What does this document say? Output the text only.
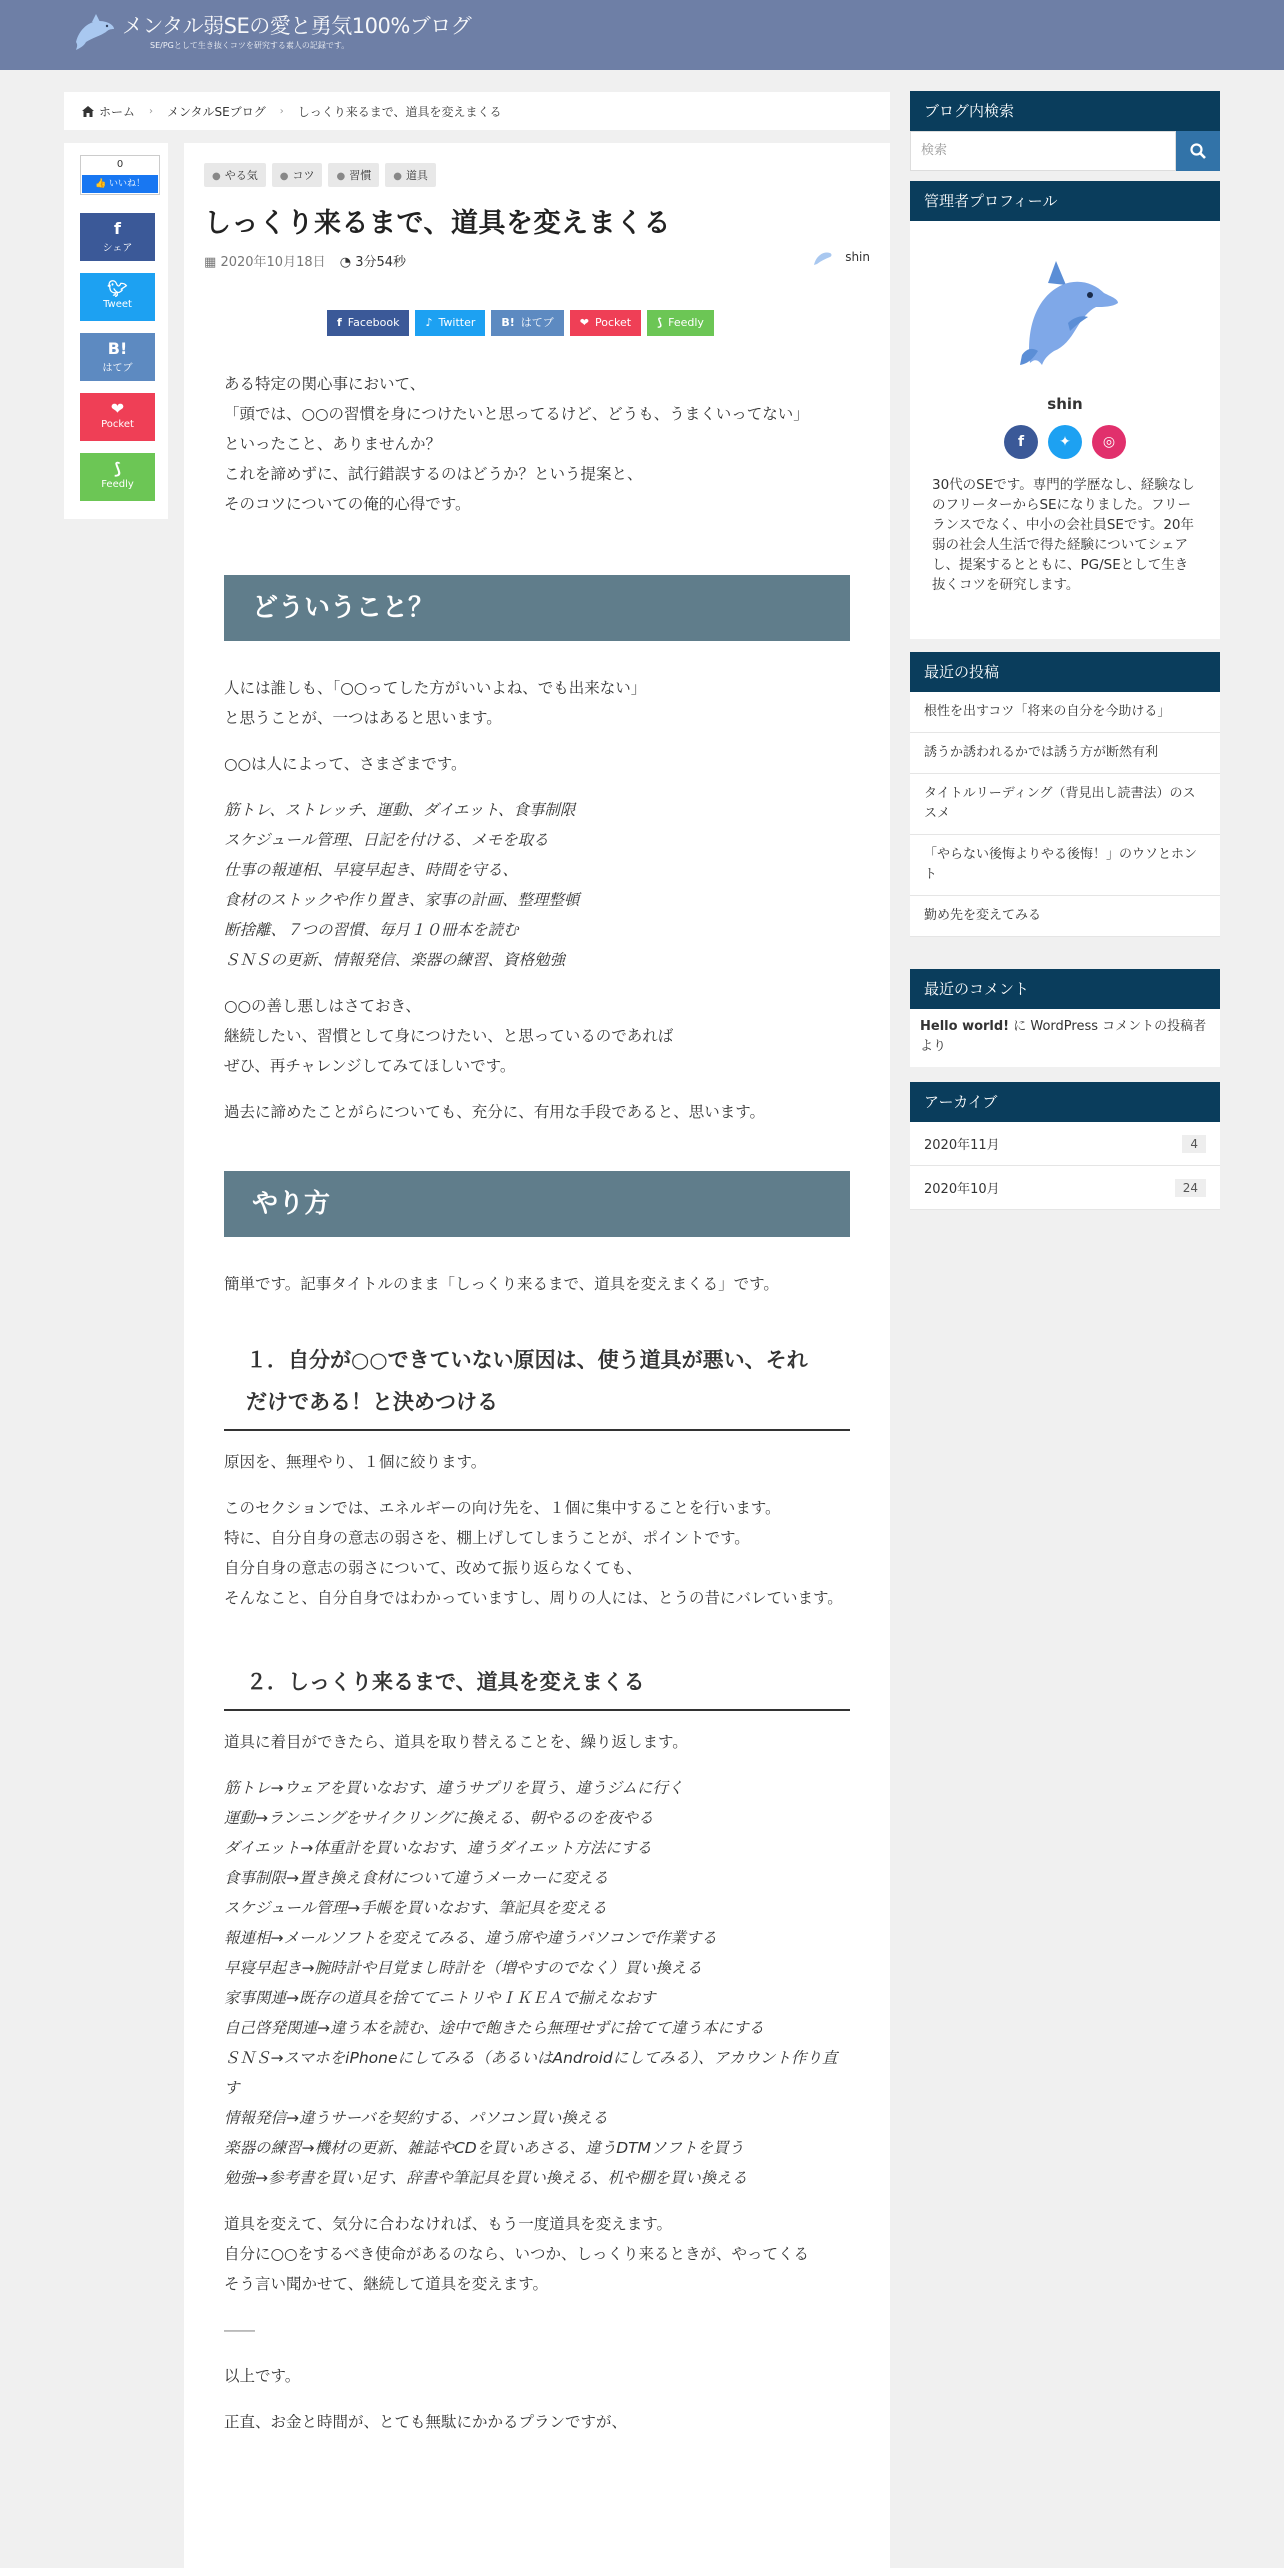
メンタル弱SEの愛と勇気100%ブログ
SE/PGとして生き抜くコツを研究する素人の記録です。
ホーム › メンタルSEブログ › しっくり来るまで、道具を変えまくる
0
👍 いいね！
f
シェア
🐦︎
Tweet
B!
はてブ
❤︎
Pocket
⟆
Feedly
● やる気	● コツ	● 習慣	● 道具
しっくり来るまで、道具を変えまくる
▦ 2020年10月18日 ◔ 3分54秒	shin
f Facebook	♪ Twitter	B! はてブ	❤︎ Pocket	⟆ Feedly

ある特定の関心事において、
「頭では、○○の習慣を身につけたいと思ってるけど、どうも、うまくいってない」
といったこと、ありませんか？
これを諦めずに、試行錯誤するのはどうか？という提案と、
そのコツについての俺的心得です。

どういうこと？

人には誰しも、「○○ってした方がいいよね、でも出来ない」
と思うことが、一つはあると思います。

○○は人によって、さまざまです。

筋トレ、ストレッチ、運動、ダイエット、食事制限
スケジュール管理、日記を付ける、メモを取る
仕事の報連相、早寝早起き、時間を守る、
食材のストックや作り置き、家事の計画、整理整頓
断捨離、７つの習慣、毎月１０冊本を読む
ＳＮＳの更新、情報発信、楽器の練習、資格勉強

○○の善し悪しはさておき、
継続したい、習慣として身につけたい、と思っているのであれば
ぜひ、再チャレンジしてみてほしいです。

過去に諦めたことがらについても、充分に、有用な手段であると、思います。

やり方

簡単です。記事タイトルのまま「しっくり来るまで、道具を変えまくる」です。

１．自分が○○できていない原因は、使う道具が悪い、それだけである！と決めつける

原因を、無理やり、１個に絞ります。

このセクションでは、エネルギーの向け先を、１個に集中することを行います。
特に、自分自身の意志の弱さを、棚上げしてしまうことが、ポイントです。
自分自身の意志の弱さについて、改めて振り返らなくても、
そんなこと、自分自身ではわかっていますし、周りの人には、とうの昔にバレています。

２．しっくり来るまで、道具を変えまくる

道具に着目ができたら、道具を取り替えることを、繰り返します。

筋トレ→ウェアを買いなおす、違うサプリを買う、違うジムに行く
運動→ランニングをサイクリングに換える、朝やるのを夜やる
ダイエット→体重計を買いなおす、違うダイエット方法にする
食事制限→置き換え食材について違うメーカーに変える
スケジュール管理→手帳を買いなおす、筆記具を変える
報連相→メールソフトを変えてみる、違う席や違うパソコンで作業する
早寝早起き→腕時計や目覚まし時計を（増やすのでなく）買い換える
家事関連→既存の道具を捨ててニトリやＩＫＥＡで揃えなおす
自己啓発関連→違う本を読む、途中で飽きたら無理せずに捨てて違う本にする
ＳＮＳ→スマホをiPhoneにしてみる（あるいはAndroidにしてみる）、アカウント作り直す
情報発信→違うサーバを契約する、パソコン買い換える
楽器の練習→機材の更新、雑誌やCDを買いあさる、違うDTMソフトを買う
勉強→参考書を買い足す、辞書や筆記具を買い換える、机や棚を買い換える

道具を変えて、気分に合わなければ、もう一度道具を変えます。
自分に○○をするべき使命があるのなら、いつか、しっくり来るときが、やってくる
そう言い聞かせて、継続して道具を変えます。

――

以上です。

正直、お金と時間が、とても無駄にかかるプランですが、

ブログ内検索
検索
管理者プロフィール
shin
f	✦	◎
30代のSEです。専門的学歴なし、経験なしのフリーターからSEになりました。フリーランスでなく、中小の会社員SEです。20年弱の社会人生活で得た経験についてシェアし、提案するとともに、PG/SEとして生き抜くコツを研究します。
最近の投稿
根性を出すコツ「将来の自分を今助ける」
誘うか誘われるかでは誘う方が断然有利
タイトルリーディング（背見出し読書法）のススメ
「やらない後悔よりやる後悔！」のウソとホント
勤め先を変えてみる
最近のコメント
Hello world! に WordPress コメントの投稿者 より
アーカイブ
2020年11月	4
2020年10月	24
